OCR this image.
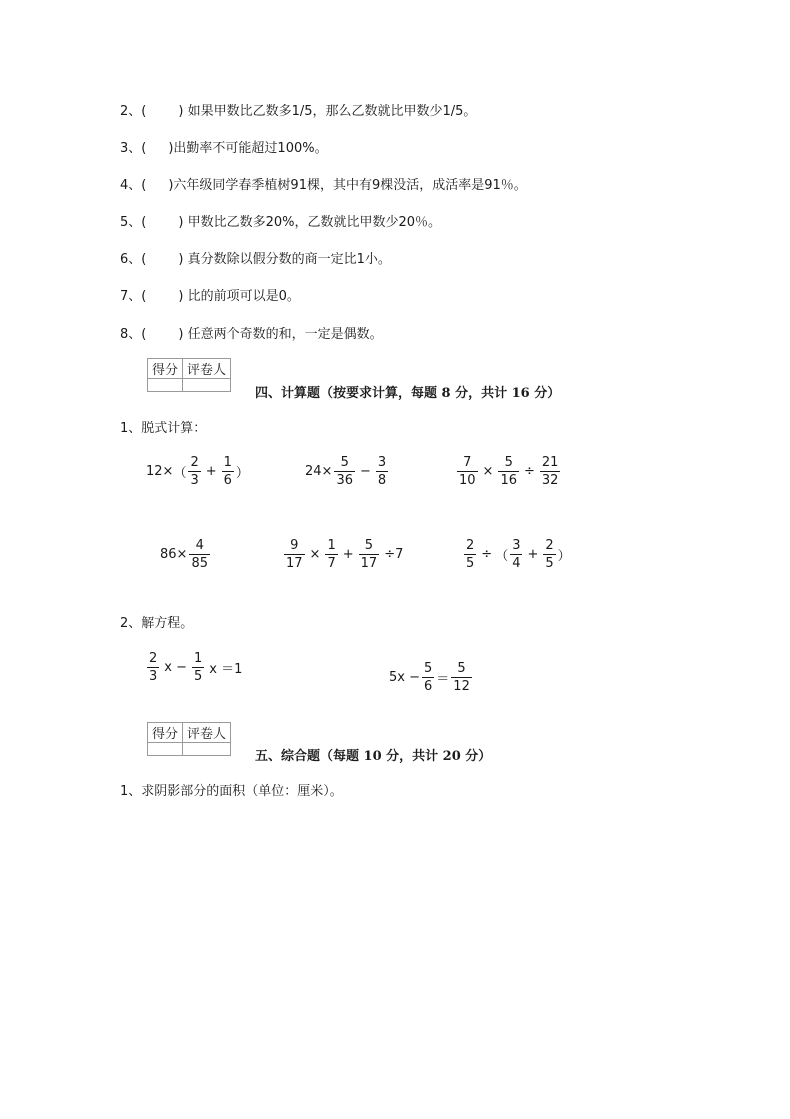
2、( ) 如果甲数比乙数多1/5，那么乙数就比甲数少1/5。
3、( )出勤率不可能超过100%。
4、( )六年级同学春季植树91棵，其中有9棵没活，成活率是91％。
5、( ) 甲数比乙数多20%，乙数就比甲数少20％。
6、( ) 真分数除以假分数的商一定比1小。
7、( ) 比的前项可以是0。
8、( ) 任意两个奇数的和，一定是偶数。
得分	评卷人

四、计算题（按要求计算，每题 8 分，共计 16 分）
1、脱式计算：
12× （ $\frac{2}{3} + \frac{1}{6}$ ）	$24\times \frac{5}{36} - \frac{3}{8}$	$\frac{7}{10} \times \frac{5}{16} \div \frac{21}{32}$
$86\times \frac{4}{85}$	$\frac{9}{17} \times \frac{1}{7} + \frac{5}{17} \div 7$	$\frac{2}{5}$ ÷ （ $\frac{3}{4} + \frac{2}{5}$ ）
2、解方程。
$\frac{2}{3}$ $x - \frac{1}{5}$ x ＝1
$5x - \frac{5}{6} = \frac{5}{12}$
得分	评卷人

五、综合题（每题 10 分，共计 20 分）
1、求阴影部分的面积（单位：厘米）。
